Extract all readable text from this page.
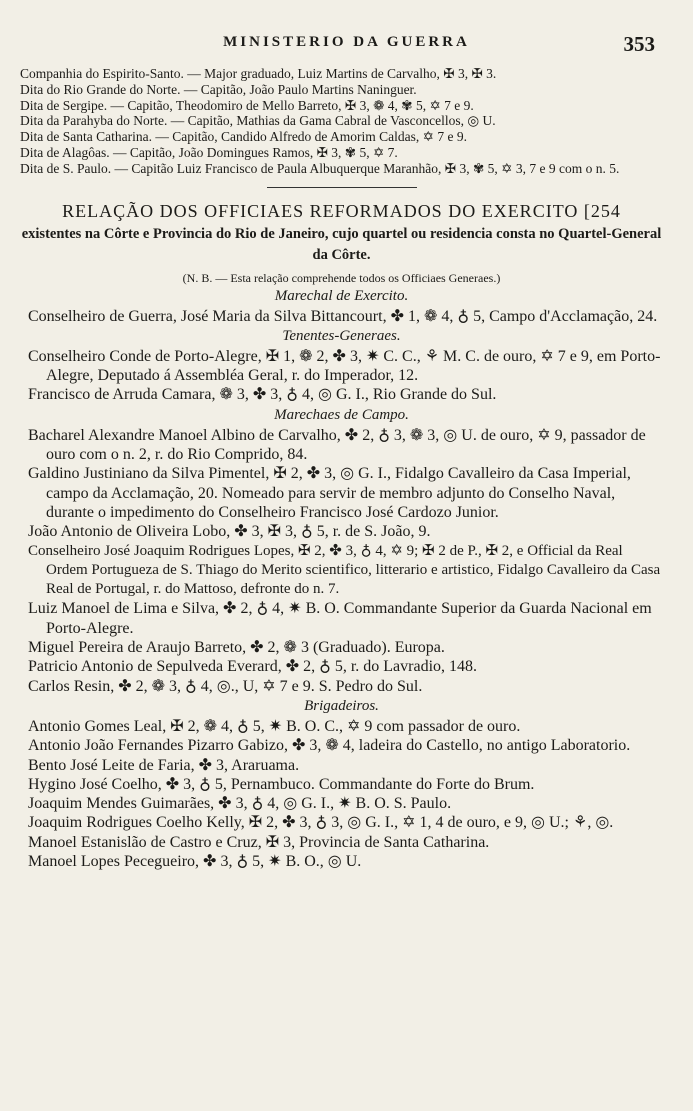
MINISTERIO DA GUERRA	353

Companhia do Espirito-Santo. — Major graduado, Luiz Martins de Carvalho, ✠ 3, ✠ 3.

Dita do Rio Grande do Norte. — Capitão, João Paulo Martins Naninguer.

Dita de Sergipe. — Capitão, Theodomiro de Mello Barreto, ✠ 3, ❁ 4, ✾ 5, ✡ 7 e 9.

Dita da Parahyba do Norte. — Capitão, Mathias da Gama Cabral de Vasconcellos, ◎ U.

Dita de Santa Catharina. — Capitão, Candido Alfredo de Amorim Caldas, ✡ 7 e 9.

Dita de Alagôas. — Capitão, João Domingues Ramos, ✠ 3, ✾ 5, ✡ 7.

Dita de S. Paulo. — Capitão Luiz Francisco de Paula Albuquerque Maranhão, ✠ 3, ✾ 5, ✡ 3, 7 e 9 com o n. 5.

RELAÇÃO DOS OFFICIAES REFORMADOS DO EXERCITO [254

existentes na Côrte e Provincia do Rio de Janeiro, cujo quartel ou residencia consta no Quartel-General da Côrte.

(N. B. — Esta relação comprehende todos os Officiaes Generaes.)

Marechal de Exercito.

Conselheiro de Guerra, José Maria da Silva Bittancourt, ✤ 1, ❁ 4, ♁ 5, Campo d'Acclamação, 24.

Tenentes-Generaes.

Conselheiro Conde de Porto-Alegre, ✠ 1, ❁ 2, ✤ 3, ✷ C. C., ⚘ M. C. de ouro, ✡ 7 e 9, em Porto-Alegre, Deputado á Assembléa Geral, r. do Imperador, 12.

Francisco de Arruda Camara, ❁ 3, ✤ 3, ♁ 4, ◎ G. I., Rio Grande do Sul.

Marechaes de Campo.

Bacharel Alexandre Manoel Albino de Carvalho, ✤ 2, ♁ 3, ❁ 3, ◎ U. de ouro, ✡ 9, passador de ouro com o n. 2, r. do Rio Comprido, 84.

Galdino Justiniano da Silva Pimentel, ✠ 2, ✤ 3, ◎ G. I., Fidalgo Cavalleiro da Casa Imperial, campo da Acclamação, 20. Nomeado para servir de membro adjunto do Conselho Naval, durante o impedimento do Conselheiro Francisco José Cardozo Junior.

João Antonio de Oliveira Lobo, ✤ 3, ✠ 3, ♁ 5, r. de S. João, 9.

Conselheiro José Joaquim Rodrigues Lopes, ✠ 2, ✤ 3, ♁ 4, ✡ 9; ✠ 2 de P., ✠ 2, e Official da Real Ordem Portugueza de S. Thiago do Merito scientifico, litterario e artistico, Fidalgo Cavalleiro da Casa Real de Portugal, r. do Mattoso, defronte do n. 7.

Luiz Manoel de Lima e Silva, ✤ 2, ♁ 4, ✷ B. O. Commandante Superior da Guarda Nacional em Porto-Alegre.

Miguel Pereira de Araujo Barreto, ✤ 2, ❁ 3 (Graduado). Europa.

Patricio Antonio de Sepulveda Everard, ✤ 2, ♁ 5, r. do Lavradio, 148.

Carlos Resin, ✤ 2, ❁ 3, ♁ 4, ◎., U, ✡ 7 e 9. S. Pedro do Sul.

Brigadeiros.

Antonio Gomes Leal, ✠ 2, ❁ 4, ♁ 5, ✷ B. O. C., ✡ 9 com passador de ouro.

Antonio João Fernandes Pizarro Gabizo, ✤ 3, ❁ 4, ladeira do Castello, no antigo Laboratorio.

Bento José Leite de Faria, ✤ 3, Araruama.

Hygino José Coelho, ✤ 3, ♁ 5, Pernambuco. Commandante do Forte do Brum.

Joaquim Mendes Guimarães, ✤ 3, ♁ 4, ◎ G. I., ✷ B. O. S. Paulo.

Joaquim Rodrigues Coelho Kelly, ✠ 2, ✤ 3, ♁ 3, ◎ G. I., ✡ 1, 4 de ouro, e 9, ◎ U.; ⚘, ◎.

Manoel Estanislão de Castro e Cruz, ✠ 3, Provincia de Santa Catharina.

Manoel Lopes Pecegueiro, ✤ 3, ♁ 5, ✷ B. O., ◎ U.
